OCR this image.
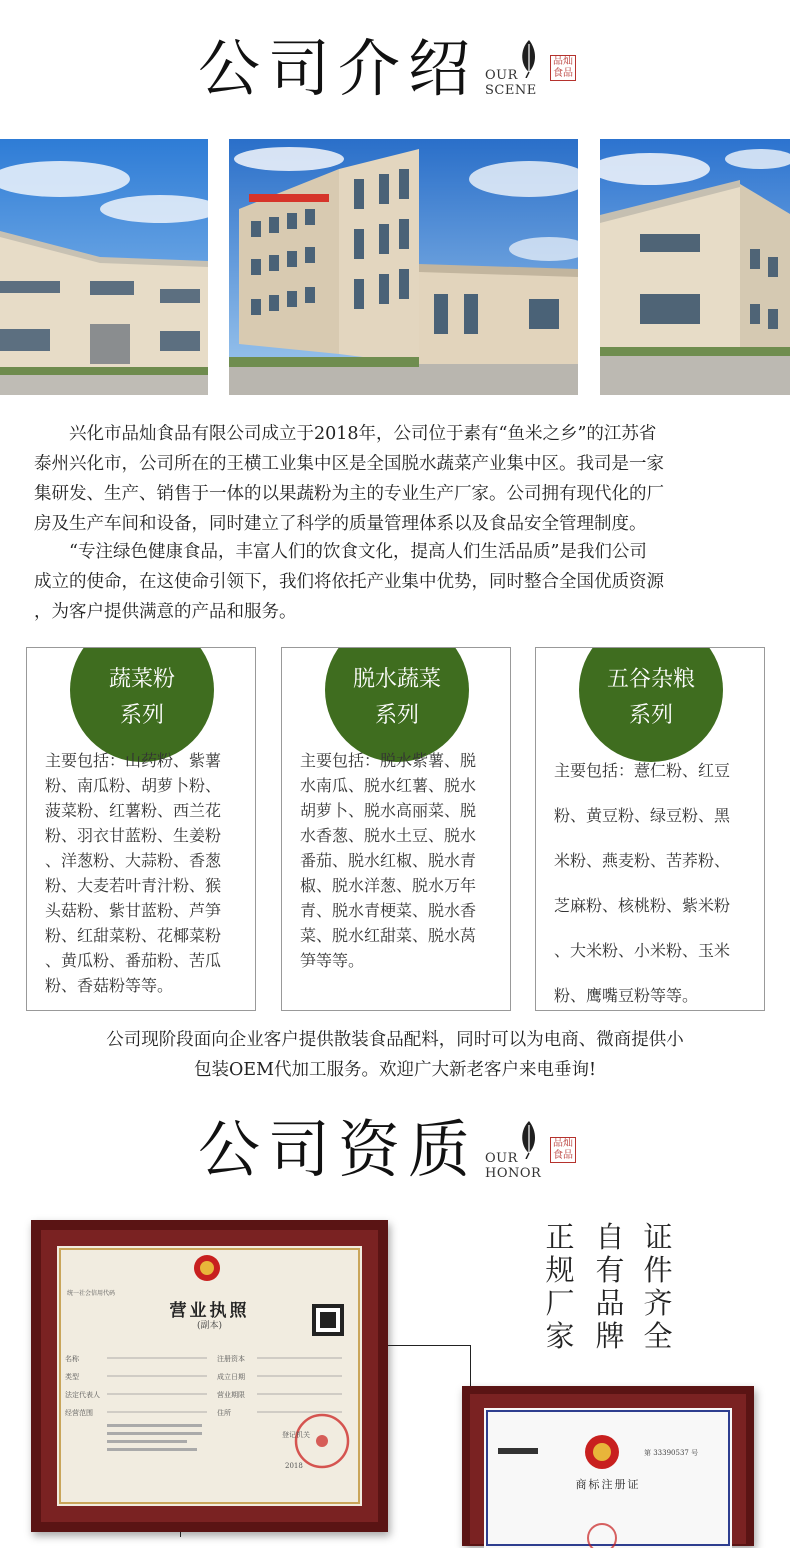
公司介绍 OUR
SCENE
品灿
食品
兴化市品灿食品有限公司成立于2018年，公司位于素有“鱼米之乡”的江苏省
泰州兴化市，公司所在的王横工业集中区是全国脱水蔬菜产业集中区。我司是一家
集研发、生产、销售于一体的以果蔬粉为主的专业生产厂家。公司拥有现代化的厂
房及生产车间和设备，同时建立了科学的质量管理体系以及食品安全管理制度。
“专注绿色健康食品，丰富人们的饮食文化，提高人们生活品质”是我们公司
成立的使命，在这使命引领下，我们将依托产业集中优势，同时整合全国优质资源
，为客户提供满意的产品和服务。
蔬菜粉
系列
主要包括：山药粉、紫薯
粉、南瓜粉、胡萝卜粉、
菠菜粉、红薯粉、西兰花
粉、羽衣甘蓝粉、生姜粉
、洋葱粉、大蒜粉、香葱
粉、大麦若叶青汁粉、猴
头菇粉、紫甘蓝粉、芦笋
粉、红甜菜粉、花椰菜粉
、黄瓜粉、番茄粉、苦瓜
粉、香菇粉等等。
脱水蔬菜
系列
主要包括：脱水紫薯、脱
水南瓜、脱水红薯、脱水
胡萝卜、脱水高丽菜、脱
水香葱、脱水土豆、脱水
番茄、脱水红椒、脱水青
椒、脱水洋葱、脱水万年
青、脱水青梗菜、脱水香
菜、脱水红甜菜、脱水莴
笋等等。
五谷杂粮
系列
主要包括：薏仁粉、红豆
粉、黄豆粉、绿豆粉、黑
米粉、燕麦粉、苦荞粉、
芝麻粉、核桃粉、紫米粉
、大米粉、小米粉、玉米
粉、鹰嘴豆粉等等。
公司现阶段面向企业客户提供散装食品配料，同时可以为电商、微商提供小
包装OEM代加工服务。欢迎广大新老客户来电垂询!
公司资质 OUR
HONOR
品灿
食品
营业执照
(副本)
统一社会信用代码
名称
类型
法定代表人
经营范围
注册资本
成立日期
营业期限
住所
登记机关
2018
正
规
厂
家
自
有
品
牌
证
件
齐
全
第 33390537 号
商标注册证
